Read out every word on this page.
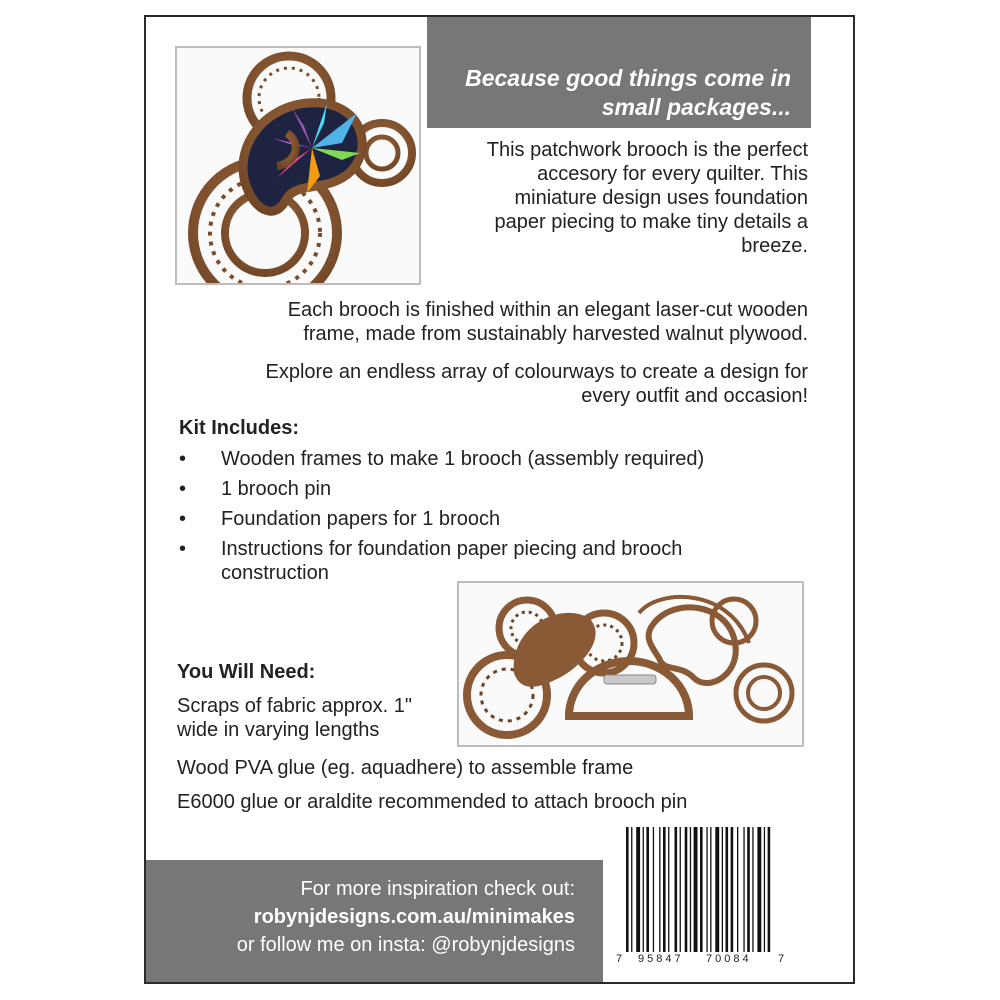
Because good things come in
small packages...
This patchwork brooch is the perfect
accesory for every quilter. This
miniature design uses foundation
paper piecing to make tiny details a
breeze.
Each brooch is finished within an elegant laser-cut wooden
frame, made from sustainably harvested walnut plywood.
Explore an endless array of colourways to create a design for
every outfit and occasion!
Kit Includes:
• Wooden frames to make 1 brooch (assembly required)
• 1 brooch pin
• Foundation papers for 1 brooch
• Instructions for foundation paper piecing and brooch construction
You Will Need:
Scraps of fabric approx. 1"
wide in varying lengths
Wood PVA glue (eg. aquadhere) to assemble frame
E6000 glue or araldite recommended to attach brooch pin
For more inspiration check out:
robynjdesigns.com.au/minimakes
or follow me on insta: @robynjdesigns
7 95847 70084 7
